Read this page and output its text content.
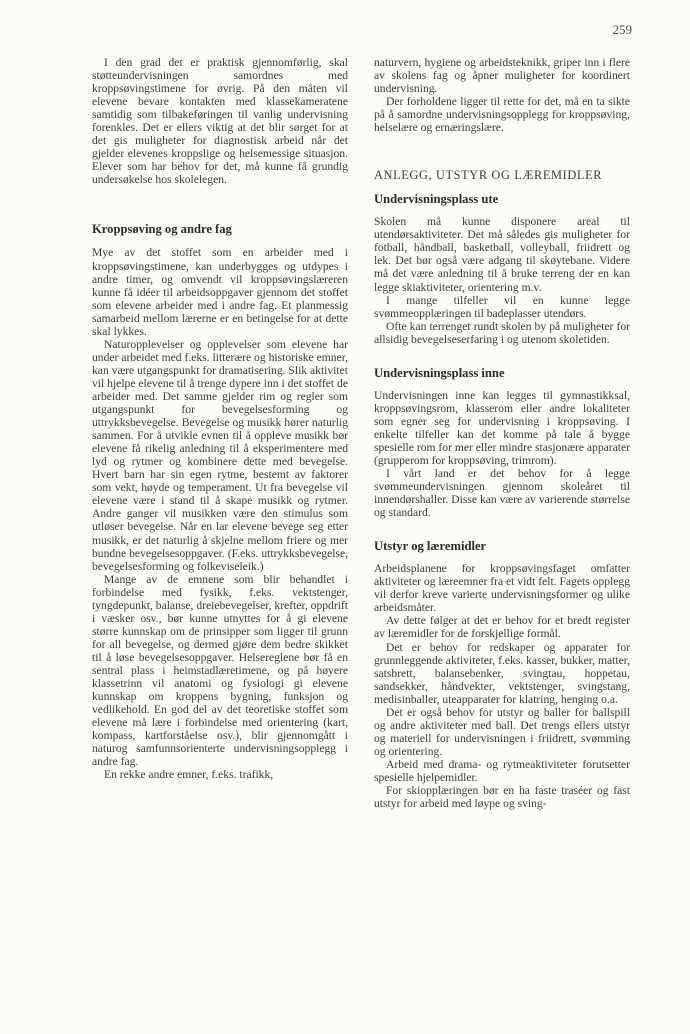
259

I den grad det er praktisk gjennomførlig, skal støtteundervisningen samordnes med kroppsøvingstimene for øvrig. På den måten vil elevene bevare kontakten med klassekameratene samtidig som tilbakeføringen til vanlig undervisning forenkles. Det er ellers viktig at det blir sørget for at det gis muligheter for diagnostisk arbeid når det gjelder elevenes kroppslige og helsemessige situasjon. Elever som har behov for det, må kunne få grundig undersøkelse hos skolelegen.

Kroppsøving og andre fag

Mye av det stoffet som en arbeider med i kroppsøvingstimene, kan underbygges og utdypes i andre timer, og omvendt vil kroppsøvingslæreren kunne få idéer til arbeidsoppgaver gjennom det stoffet som elevene arbeider med i andre fag. Et planmessig samarbeid mellom lærerne er en betingelse for at dette skal lykkes.

Naturopplevelser og opplevelser som elevene har under arbeidet med f.eks. litterære og historiske emner, kan være utgangspunkt for dramatisering. Slik aktivitet vil hjelpe elevene til å trenge dypere inn i det stoffet de arbeider med. Det samme gjelder rim og regler som utgangspunkt for bevegelsesforming og uttrykksbevegelse. Bevegelse og musikk hører naturlig sammen. For å utvikle evnen til å oppleve musikk bør elevene få rikelig anledning til å eksperimentere med lyd og rytmer og kombinere dette med bevegelse. Hvert barn har sin egen rytme, bestemt av faktorer som vekt, høyde og temperament. Ut fra bevegelse vil elevene være i stand til å skape musikk og rytmer. Andre ganger vil musikken være den stimulus som utløser bevegelse. Når en lar elevene bevege seg etter musikk, er det naturlig å skjelne mellom friere og mer bundne bevegelsesoppgaver. (F.eks. uttrykksbevegelse, bevegelsesforming og folkeviseleik.)

Mange av de emnene som blir behandlet i forbindelse med fysikk, f.eks. vektstenger, tyngdepunkt, balanse, dreiebevegelser, krefter, oppdrift i væsker osv., bør kunne utnyttes for å gi elevene større kunnskap om de prinsipper som ligger til grunn for all bevegelse, og dermed gjøre dem bedre skikket til å løse bevegelsesoppgaver. Helsereglene bør få en sentral plass i heimstadlæretimene, og på høyere klassetrinn vil anatomi og fysiologi gi elevene kunnskap om kroppens bygning, funksjon og vedlikehold. En god del av det teoretiske stoffet som elevene må lære i forbindelse med orientering (kart, kompass, kartforståelse osv.), blir gjennomgått i naturog samfunnsorienterte undervisningsopplegg i andre fag.

En rekke andre emner, f.eks. trafikk,

naturvern, hygiene og arbeidsteknikk, griper inn i flere av skolens fag og åpner muligheter for koordinert undervisning.

Der forholdene ligger til rette for det, må en ta sikte på å samordne undervisningsopplegg for kroppsøving, helselære og ernæringslære.

ANLEGG, UTSTYR OG LÆREMIDLER
Undervisningsplass ute

Skolen må kunne disponere areal til utendørsaktiviteter. Det må således gis muligheter for fotball, håndball, basketball, volleyball, friidrett og lek. Det bør også være adgang til skøytebane. Videre må det være anledning til å bruke terreng der en kan legge skiaktiviteter, orientering m.v.

I mange tilfeller vil en kunne legge svømmeopplæringen til badeplasser utendørs.

Ofte kan terrenget rundt skolen by på muligheter for allsidig bevegelseserfaring i og utenom skoletiden.

Undervisningsplass inne

Undervisningen inne kan legges til gymnastikksal, kroppsøvingsrom, klasserom eller andre lokaliteter som egner seg for undervisning i kroppsøving. I enkelte tilfeller kan det komme på tale å bygge spesielle rom for mer eller mindre stasjonære apparater (grupperom for kroppsøving, trimrom).

I vårt land er det behov for å legge svømmeundervisningen gjennom skoleåret til innendørshaller. Disse kan være av varierende størrelse og standard.

Utstyr og læremidler

Arbeidsplanene for kroppsøvingsfaget omfatter aktiviteter og læreemner fra et vidt felt. Fagets opplegg vil derfor kreve varierte undervisningsformer og ulike arbeidsmåter.

Av dette følger at det er behov for et bredt register av læremidler for de forskjellige formål.

Det er behov for redskaper og apparater for grunnleggende aktiviteter, f.eks. kasser, bukker, matter, satsbrett, balansebenker, svingtau, hoppetau, sandsekker, håndvekter, vektstenger, svingstang, medisinballer, uteapparater for klatring, henging o.a.

Det er også behov for utstyr og baller for ballspill og andre aktiviteter med ball. Det trengs ellers utstyr og materiell for undervisningen i friidrett, svømming og orientering.

Arbeid med drama- og rytmeaktiviteter forutsetter spesielle hjelpemidler.

For skiopplæringen bør en ha faste traséer og fast utstyr for arbeid med løype og sving-
